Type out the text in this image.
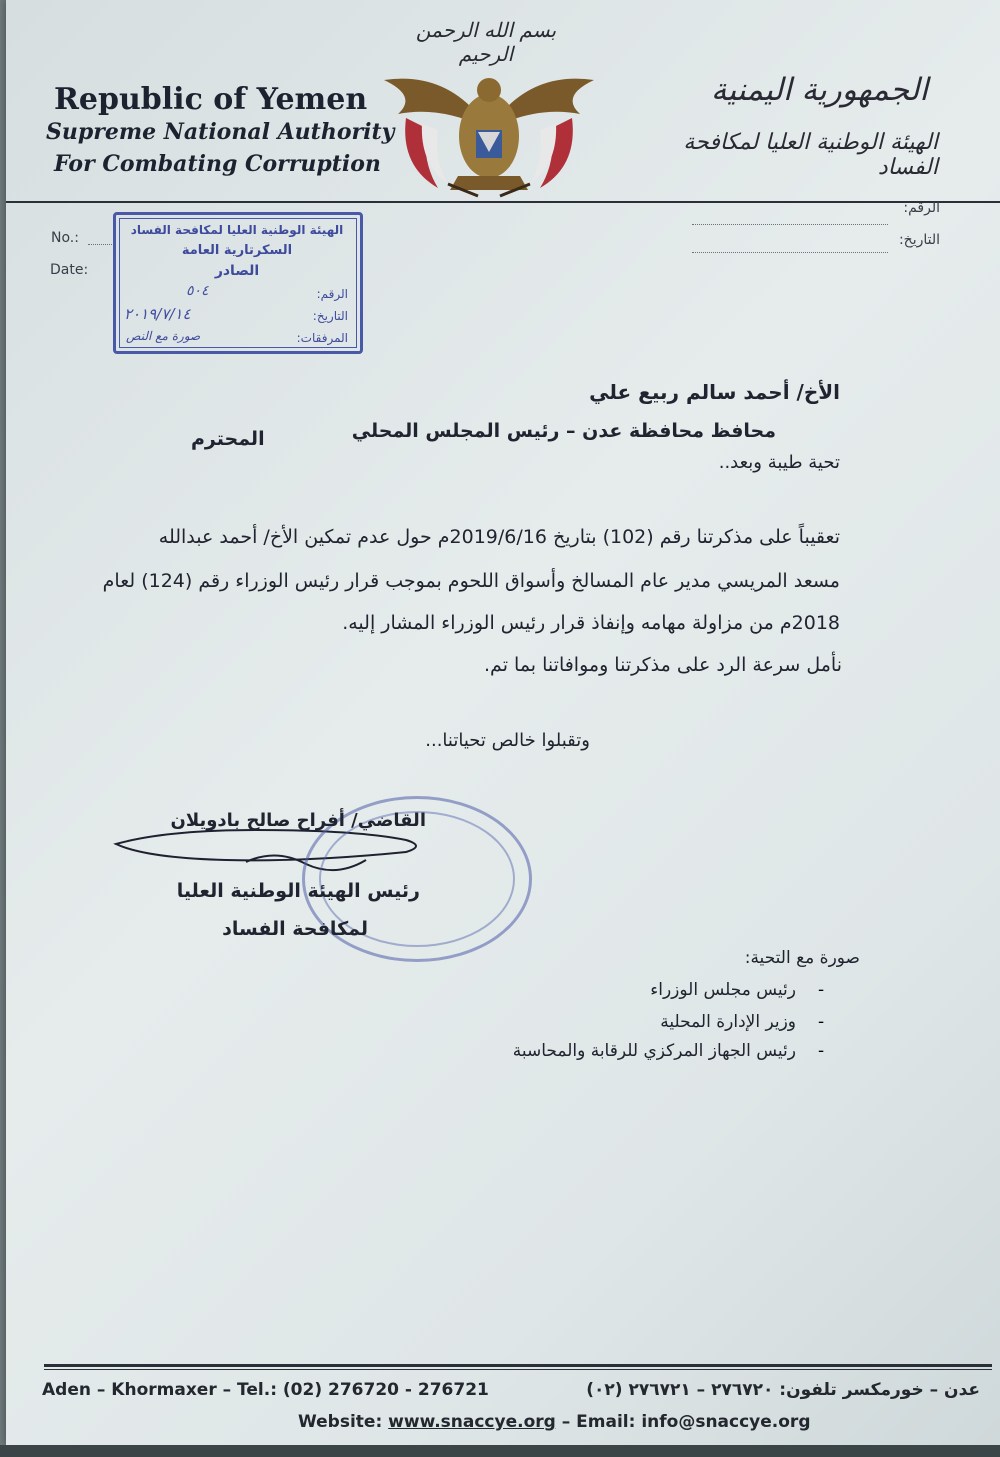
بسم الله الرحمن الرحيم
Republic of Yemen
Supreme National Authority
For Combating Corruption
الجمهورية اليمنية
الهيئة الوطنية العليا لمكافحة الفساد
No.:
Date:
الرقم:
التاريخ:
الهيئة الوطنية العليا لمكافحة الفساد
السكرتارية العامة
الصادر
الرقم:
٥٠٤
التاريخ:
٢٠١٩/٧/١٤
المرفقات:
صورة مع النص
الأخ/ أحمد سالم ربيع علي
محافظ محافظة عدن – رئيس المجلس المحلي
المحترم
تحية طيبة وبعد..
تعقيباً على مذكرتنا رقم (102) بتاريخ 2019/6/16م حول عدم تمكين الأخ/ أحمد عبدالله
مسعد المريسي مدير عام المسالخ وأسواق اللحوم بموجب قرار رئيس الوزراء رقم (124) لعام
2018م من مزاولة مهامه وإنفاذ قرار رئيس الوزراء المشار إليه.
نأمل سرعة الرد على مذكرتنا وموافاتنا بما تم.
وتقبلوا خالص تحياتنا...
القاضي/ أفراح صالح بادويلان
رئيس الهيئة الوطنية العليا
لمكافحة الفساد
صورة مع التحية:
-
رئيس مجلس الوزراء
-
وزير الإدارة المحلية
-
رئيس الجهاز المركزي للرقابة والمحاسبة
Aden – Khormaxer – Tel.: (02) 276720 - 276721	عدن – خورمكسر تلفون: ٢٧٦٧٢٠ – ٢٧٦٧٢١ (٠٢)
Website: www.snaccye.org – Email: info@snaccye.org
